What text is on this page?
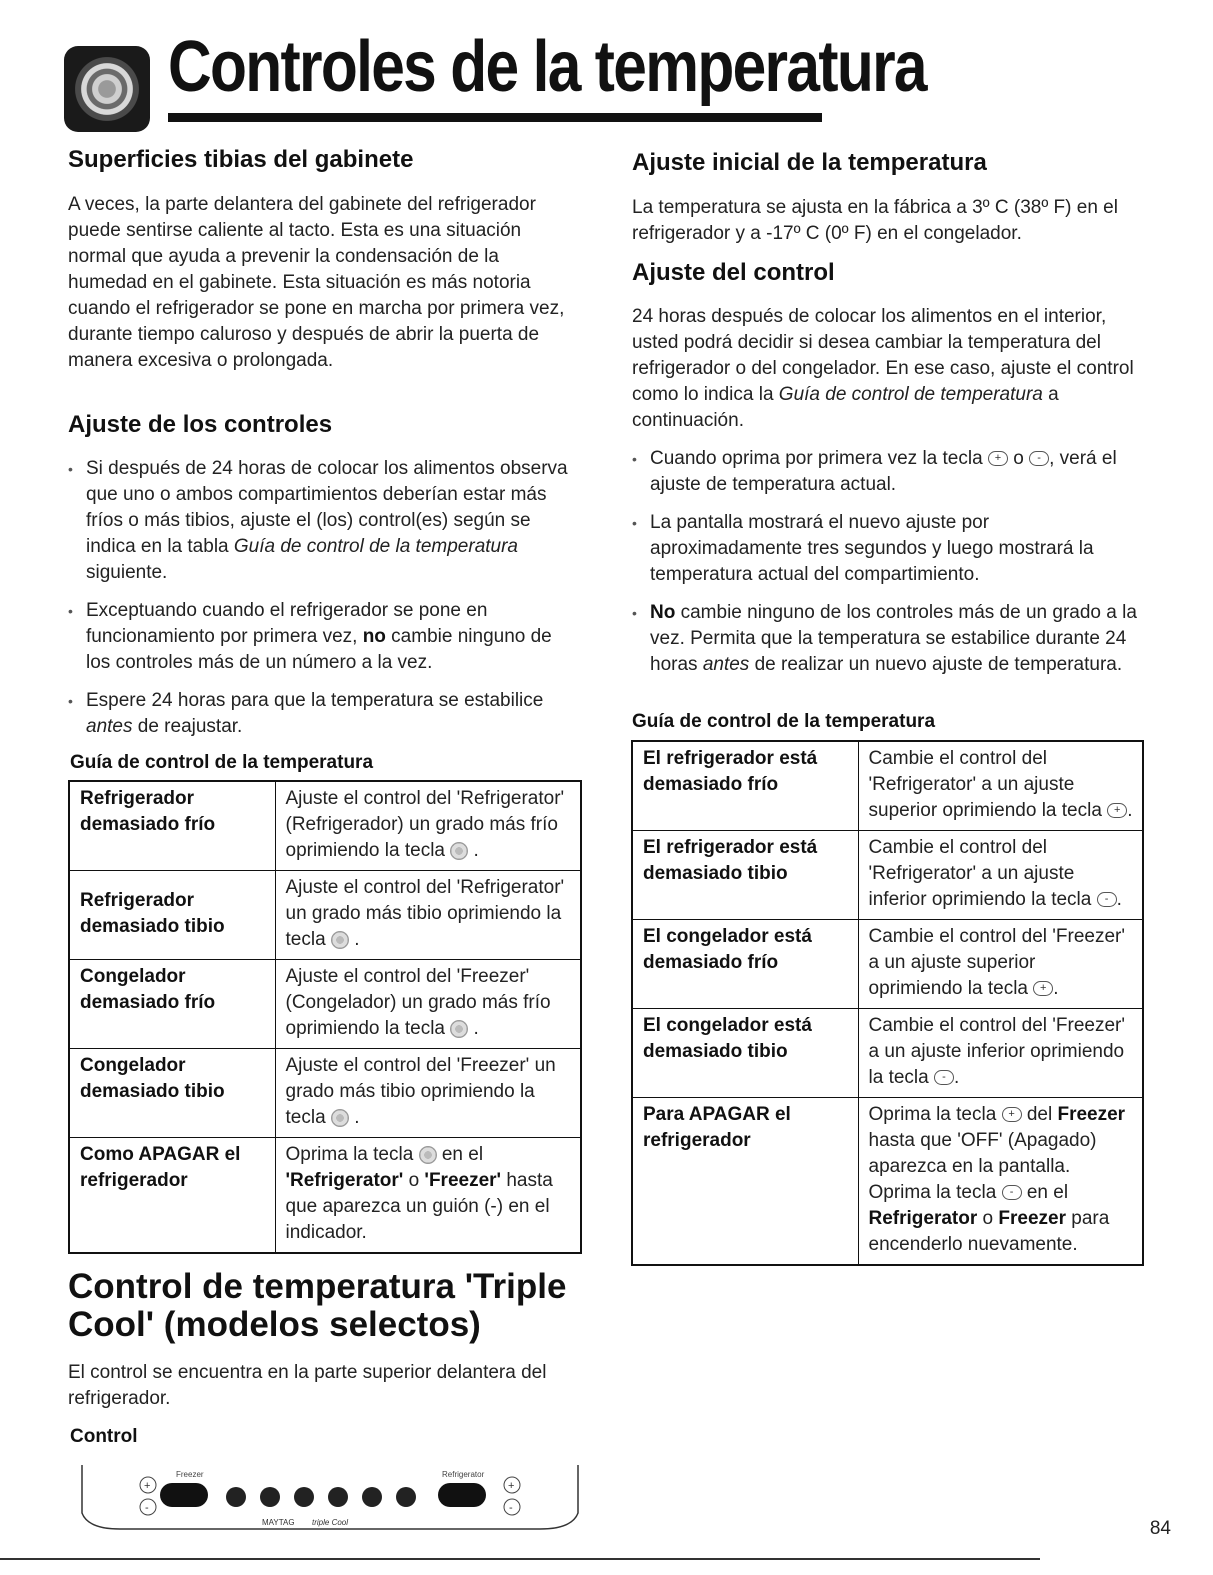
Controles de la temperatura
Superficies tibias del gabinete

A veces, la parte delantera del gabinete del refrigerador puede sentirse caliente al tacto. Esta es una situación normal que ayuda a prevenir la condensación de la humedad en el gabinete. Esta situación es más notoria cuando el refrigerador se pone en marcha por primera vez, durante tiempo caluroso y después de abrir la puerta de manera excesiva o prolongada.

Ajuste de los controles
• Si después de 24 horas de colocar los alimentos observa que uno o ambos compartimientos deberían estar más fríos o más tibios, ajuste el (los) control(es) según se indica en la tabla Guía de control de la temperatura siguiente.
• Exceptuando cuando el refrigerador se pone en funcionamiento por primera vez, no cambie ninguno de los controles más de un número a la vez.
• Espere 24 horas para que la temperatura se estabilice antes de reajustar.
Guía de control de la temperatura
Refrigerador demasiado frío	Ajuste el control del 'Refrigerator' (Refrigerador) un grado más frío oprimiendo la tecla .
Refrigerador demasiado tibio	Ajuste el control del 'Refrigerator' un grado más tibio oprimiendo la tecla .
Congelador demasiado frío	Ajuste el control del 'Freezer' (Congelador) un grado más frío oprimiendo la tecla .
Congelador demasiado tibio	Ajuste el control del 'Freezer' un grado más tibio oprimiendo la tecla .
Como APAGAR el refrigerador	Oprima la tecla  en el 'Refrigerator' o 'Freezer' hasta que aparezca un guión (-) en el indicador.
Control de temperatura 'Triple Cool' (modelos selectos)

El control se encuentra en la parte superior delantera del refrigerador.

Control
Freezer	Refrigerator
+
-
+
-
MAYTAG triple Cool
Ajuste inicial de la temperatura

La temperatura se ajusta en la fábrica a 3º C (38º F) en el refrigerador y a -17º C (0º F) en el congelador.

Ajuste del control

24 horas después de colocar los alimentos en el interior, usted podrá decidir si desea cambiar la temperatura del refrigerador o del congelador. En ese caso, ajuste el control como lo indica la Guía de control de temperatura a continuación.

• Cuando oprima por primera vez la tecla + o - , verá el ajuste de temperatura actual.
• La pantalla mostrará el nuevo ajuste por aproximadamente tres segundos y luego mostrará la temperatura actual del compartimiento.
• No cambie ninguno de los controles más de un grado a la vez. Permita que la temperatura se estabilice durante 24 horas antes de realizar un nuevo ajuste de temperatura.
Guía de control de la temperatura
El refrigerador está demasiado frío	Cambie el control del 'Refrigerator' a un ajuste superior oprimiendo la tecla + .
El refrigerador está demasiado tibio	Cambie el control del 'Refrigerator' a un ajuste inferior oprimiendo la tecla - .
El congelador está demasiado frío	Cambie el control del 'Freezer' a un ajuste superior oprimiendo la tecla + .
El congelador está demasiado tibio	Cambie el control del 'Freezer' a un ajuste inferior oprimiendo la tecla - .
Para APAGAR el refrigerador	Oprima la tecla + del Freezer hasta que 'OFF' (Apagado) aparezca en la pantalla. Oprima la tecla - en el Refrigerator o Freezer para encenderlo nuevamente.
84
